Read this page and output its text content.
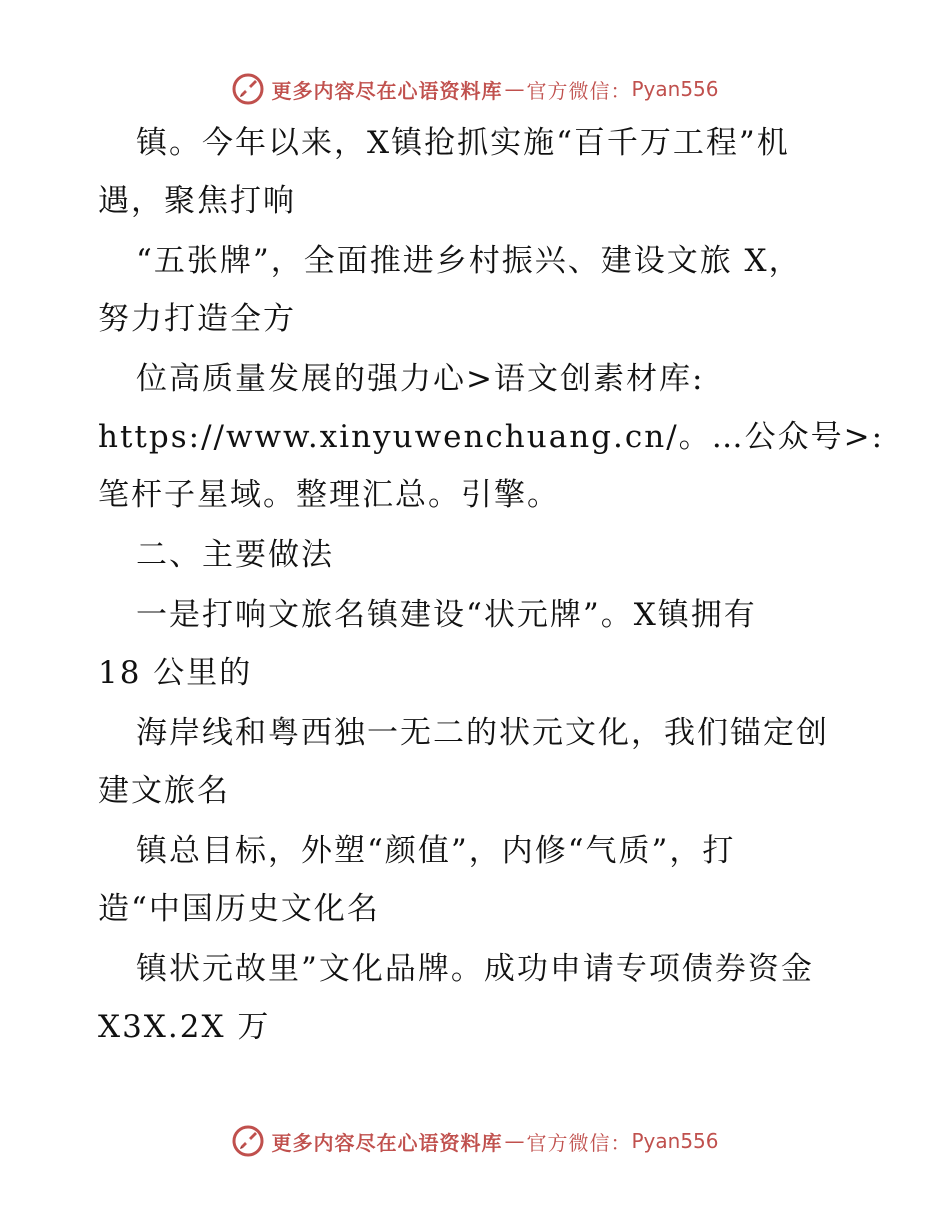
更多内容尽在心语资料库 — 官方微信： Pyan556
镇。今年以来，X镇抢抓实施“百千万工程”机
遇，聚焦打响
“五张牌”，全面推进乡村振兴、建设文旅 X，
努力打造全方
位高质量发展的强力心>语文创素材库:
https://www.xinyuwenchuang.cn/。…公众号>:
笔杆子星域。整理汇总。引擎。
二、主要做法
一是打响文旅名镇建设“状元牌”。X镇拥有
18 公里的
海岸线和粤西独一无二的状元文化，我们锚定创
建文旅名
镇总目标，外塑“颜值”，内修“气质”，打
造“中国历史文化名
镇状元故里”文化品牌。成功申请专项债券资金
X3X.2X 万
更多内容尽在心语资料库 — 官方微信： Pyan556
